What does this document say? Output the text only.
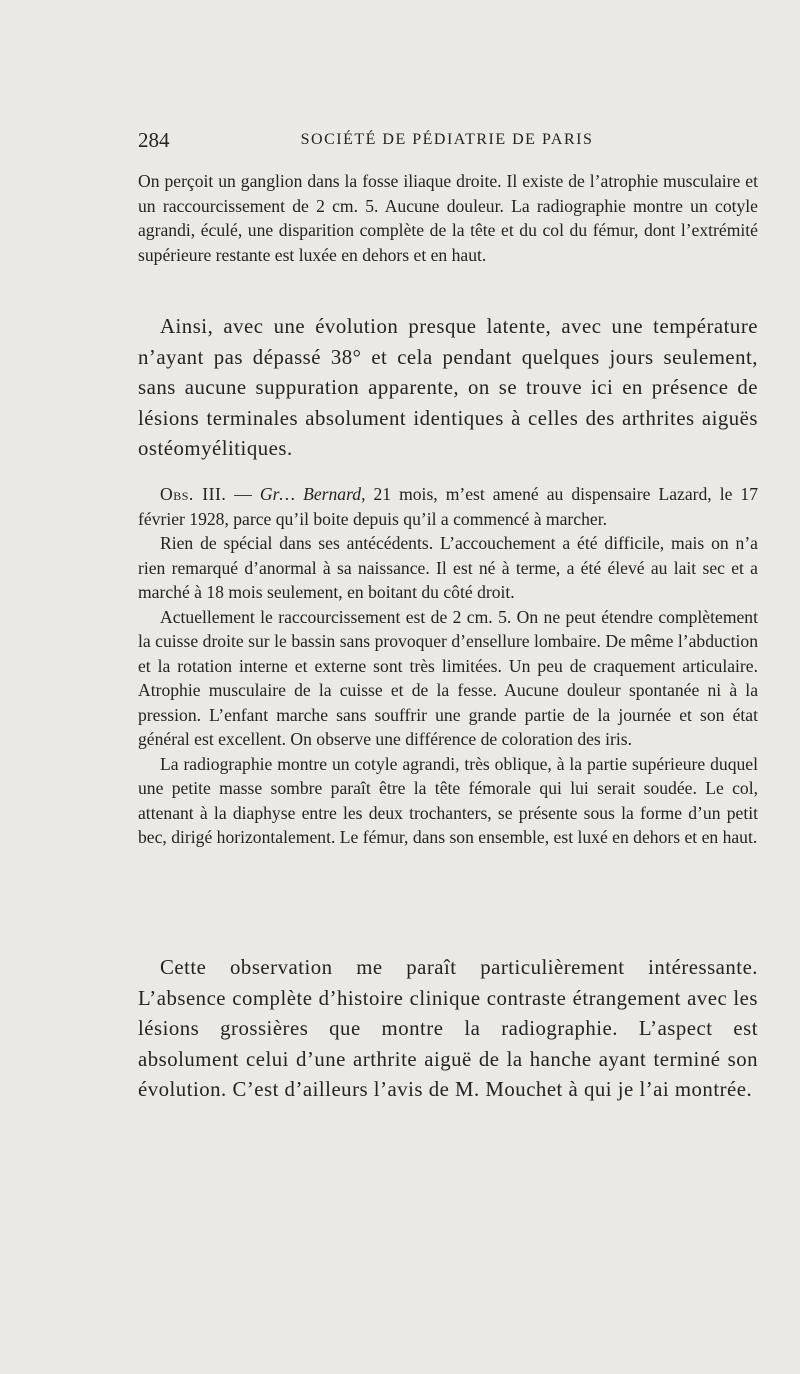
284	SOCIÉTÉ DE PÉDIATRIE DE PARIS

On perçoit un ganglion dans la fosse iliaque droite. Il existe de l’atrophie musculaire et un raccourcissement de 2 cm. 5. Aucune douleur. La radiographie montre un cotyle agrandi, éculé, une disparition complète de la tête et du col du fémur, dont l’extrémité supérieure restante est luxée en dehors et en haut.

Ainsi, avec une évolution presque latente, avec une température n’ayant pas dépassé 38° et cela pendant quelques jours seulement, sans aucune suppuration apparente, on se trouve ici en présence de lésions terminales absolument identiques à celles des arthrites aiguës ostéomyélitiques.

Obs. III. — Gr… Bernard, 21 mois, m’est amené au dispensaire Lazard, le 17 février 1928, parce qu’il boite depuis qu’il a commencé à marcher.

Rien de spécial dans ses antécédents. L’accouchement a été difficile, mais on n’a rien remarqué d’anormal à sa naissance. Il est né à terme, a été élevé au lait sec et a marché à 18 mois seulement, en boitant du côté droit.

Actuellement le raccourcissement est de 2 cm. 5. On ne peut étendre complètement la cuisse droite sur le bassin sans provoquer d’ensellure lombaire. De même l’abduction et la rotation interne et externe sont très limitées. Un peu de craquement articulaire. Atrophie musculaire de la cuisse et de la fesse. Aucune douleur spontanée ni à la pression. L’enfant marche sans souffrir une grande partie de la journée et son état général est excellent. On observe une différence de coloration des iris.

La radiographie montre un cotyle agrandi, très oblique, à la partie supérieure duquel une petite masse sombre paraît être la tête fémorale qui lui serait soudée. Le col, attenant à la diaphyse entre les deux trochanters, se présente sous la forme d’un petit bec, dirigé horizontalement. Le fémur, dans son ensemble, est luxé en dehors et en haut.

Cette observation me paraît particulièrement intéressante. L’absence complète d’histoire clinique contraste étrangement avec les lésions grossières que montre la radiographie. L’aspect est absolument celui d’une arthrite aiguë de la hanche ayant terminé son évolution. C’est d’ailleurs l’avis de M. Mouchet à qui je l’ai montrée.
